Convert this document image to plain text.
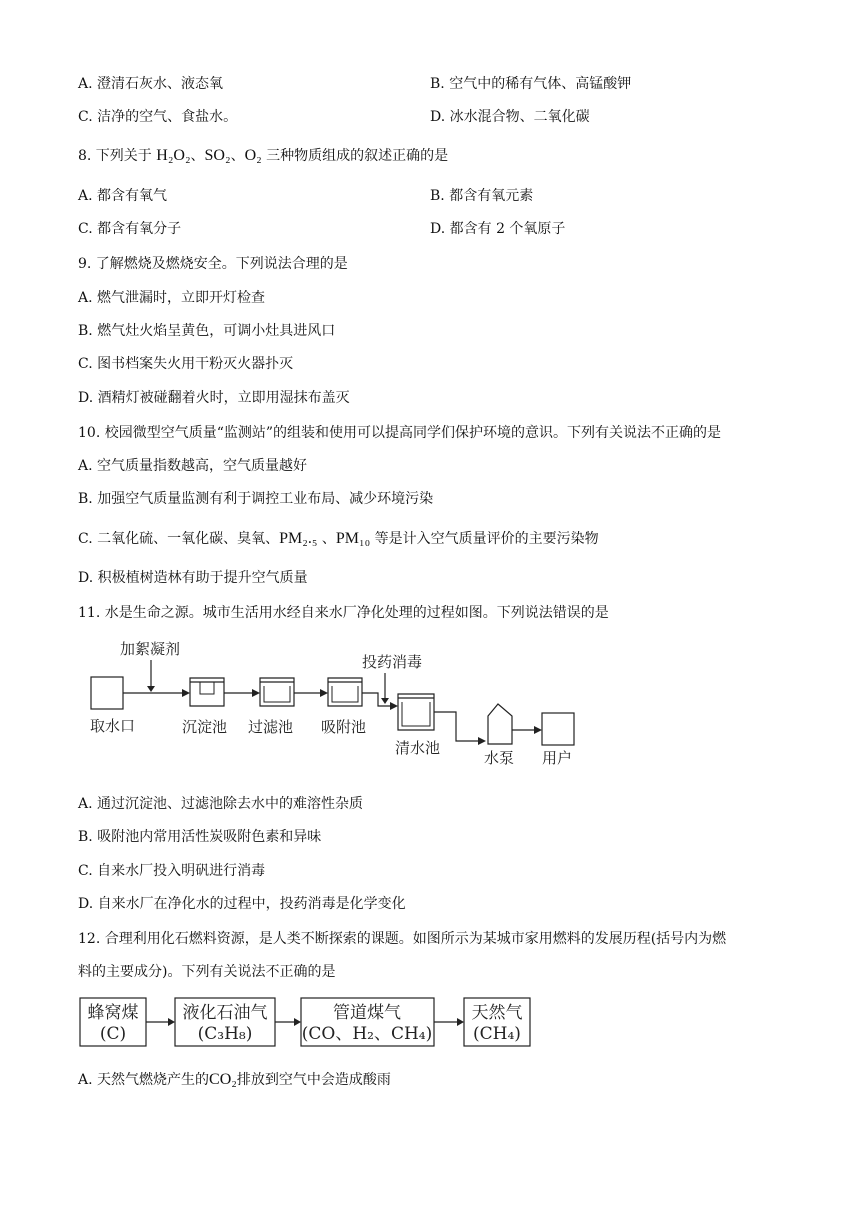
A. 澄清石灰水、液态氧	B. 空气中的稀有气体、高锰酸钾
C. 洁净的空气、食盐水。	D. 冰水混合物、二氧化碳
8. 下列关于 H₂O₂、SO₂、O₂ 三种物质组成的叙述正确的是
A. 都含有氧气	B. 都含有氧元素
C. 都含有氧分子	D. 都含有 2 个氧原子
9. 了解燃烧及燃烧安全。下列说法合理的是
A. 燃气泄漏时，立即开灯检查
B. 燃气灶火焰呈黄色，可调小灶具进风口
C. 图书档案失火用干粉灭火器扑灭
D. 酒精灯被碰翻着火时，立即用湿抹布盖灭
10. 校园微型空气质量“监测站”的组装和使用可以提高同学们保护环境的意识。下列有关说法不正确的是
A. 空气质量指数越高，空气质量越好
B. 加强空气质量监测有利于调控工业布局、减少环境污染
C. 二氧化硫、一氧化碳、臭氧、PM₂.₅ 、PM₁₀ 等是计入空气质量评价的主要污染物
D. 积极植树造林有助于提升空气质量
11. 水是生命之源。城市生活用水经自来水厂净化处理的过程如图。下列说法错误的是
加絮凝剂
投药消毒
取水口	沉淀池 过滤池 吸附池
清水池
水泵 用户
A. 通过沉淀池、过滤池除去水中的难溶性杂质
B. 吸附池内常用活性炭吸附色素和异味
C. 自来水厂投入明矾进行消毒
D. 自来水厂在净化水的过程中，投药消毒是化学变化
12. 合理利用化石燃料资源，是人类不断探索的课题。如图所示为某城市家用燃料的发展历程(括号内为燃
料的主要成分)。下列有关说法不正确的是
蜂窝煤
(C)
液化石油气
(C₃H₈)
管道煤气
(CO、H₂、CH₄)
天然气
(CH₄)
A. 天然气燃烧产生的CO₂排放到空气中会造成酸雨
